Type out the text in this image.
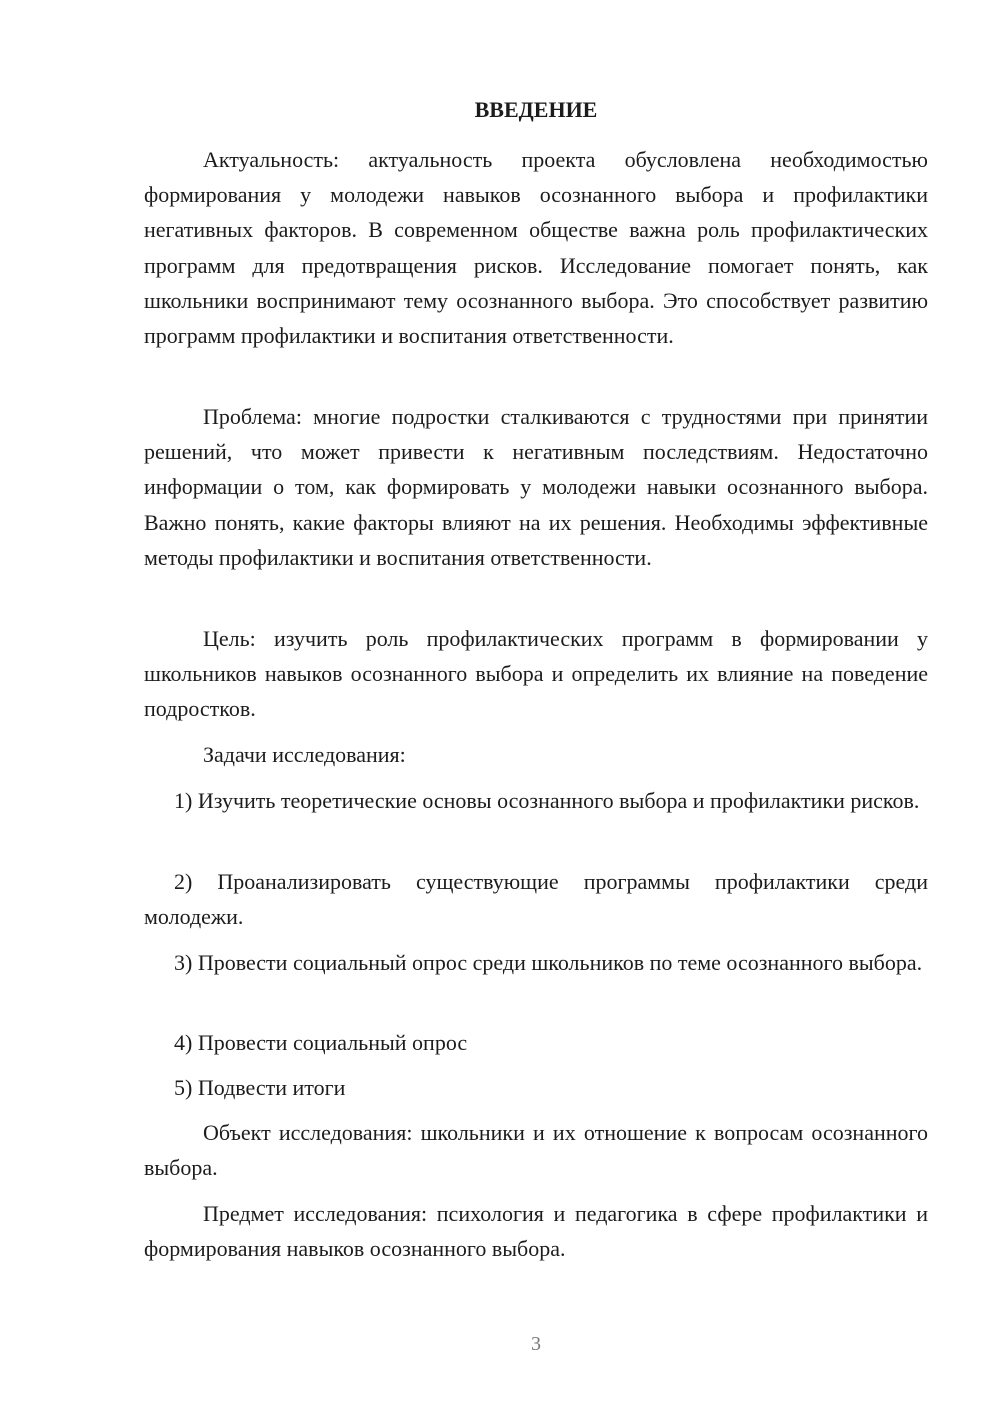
ВВЕДЕНИЕ
Актуальность: актуальность проекта обусловлена необходимостью формирования у молодежи навыков осознанного выбора и профилактики негативных факторов. В современном обществе важна роль профилактических программ для предотвращения рисков. Исследование помогает понять, как школьники воспринимают тему осознанного выбора. Это способствует развитию программ профилактики и воспитания ответственности.
Проблема: многие подростки сталкиваются с трудностями при принятии решений, что может привести к негативным последствиям. Недостаточно информации о том, как формировать у молодежи навыки осознанного выбора. Важно понять, какие факторы влияют на их решения. Необходимы эффективные методы профилактики и воспитания ответственности.
Цель: изучить роль профилактических программ в формировании у школьников навыков осознанного выбора и определить их влияние на поведение подростков.
Задачи исследования:
1) Изучить теоретические основы осознанного выбора и профилактики рисков.
2) Проанализировать существующие программы профилактики среди молодежи.
3) Провести социальный опрос среди школьников по теме осознанного выбора.
4) Провести социальный опрос
5) Подвести итоги
Объект исследования: школьники и их отношение к вопросам осознанного выбора.
Предмет исследования: психология и педагогика в сфере профилактики и формирования навыков осознанного выбора.
3
